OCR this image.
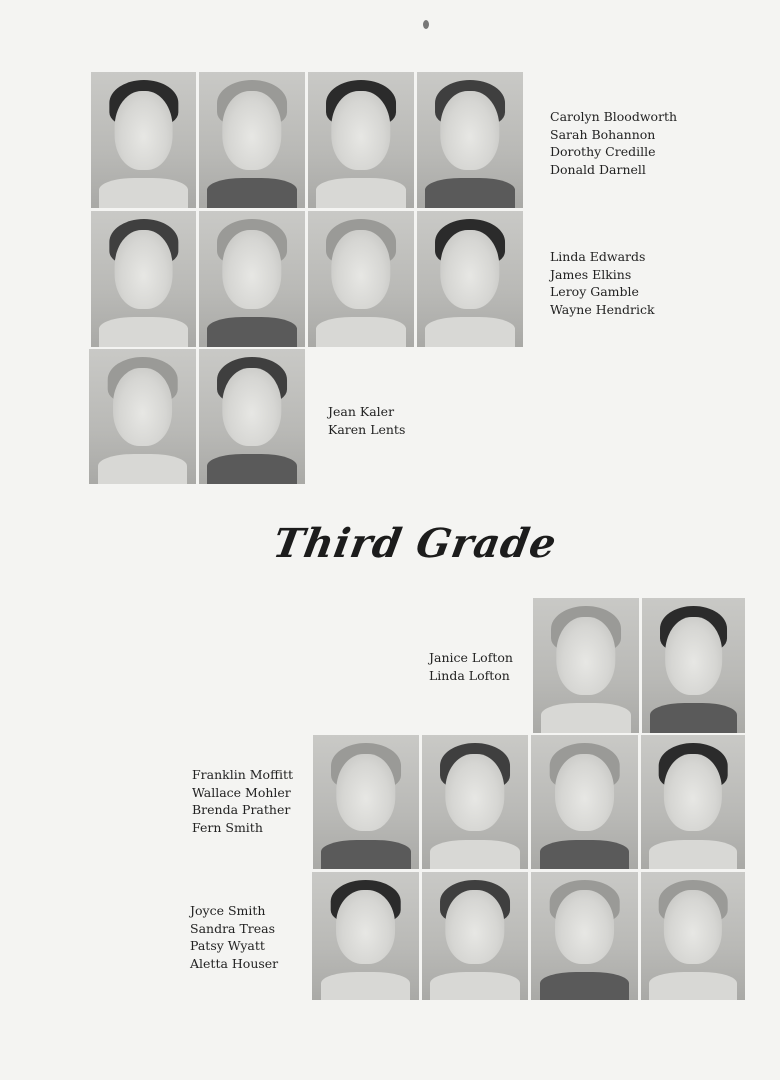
Carolyn Bloodworth
Sarah Bohannon
Dorothy Credille
Donald Darnell
Linda Edwards
James Elkins
Leroy Gamble
Wayne Hendrick
Jean Kaler
Karen Lents
Third Grade
Janice Lofton
Linda Lofton
Franklin Moffitt
Wallace Mohler
Brenda Prather
Fern Smith
Joyce Smith
Sandra Treas
Patsy Wyatt
Aletta Houser
